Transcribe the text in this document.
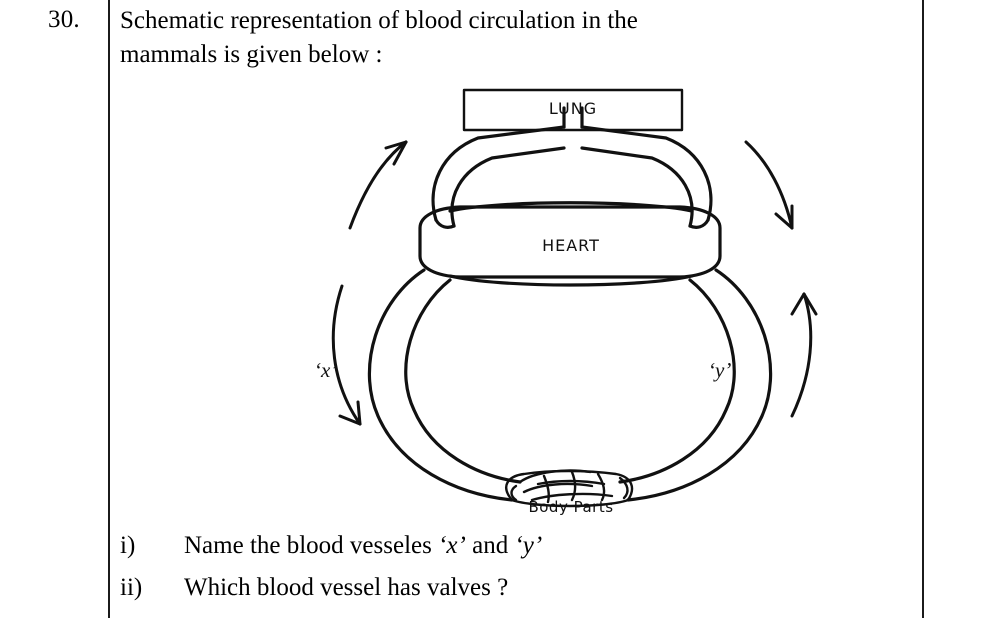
30. Schematic representation of blood circulation in the
mammals is given below :
LUNG
HEART
Body Parts
‘x’	‘y’
i) Name the blood vesseles ‘x’ and ‘y’
ii) Which blood vessel has valves ?
